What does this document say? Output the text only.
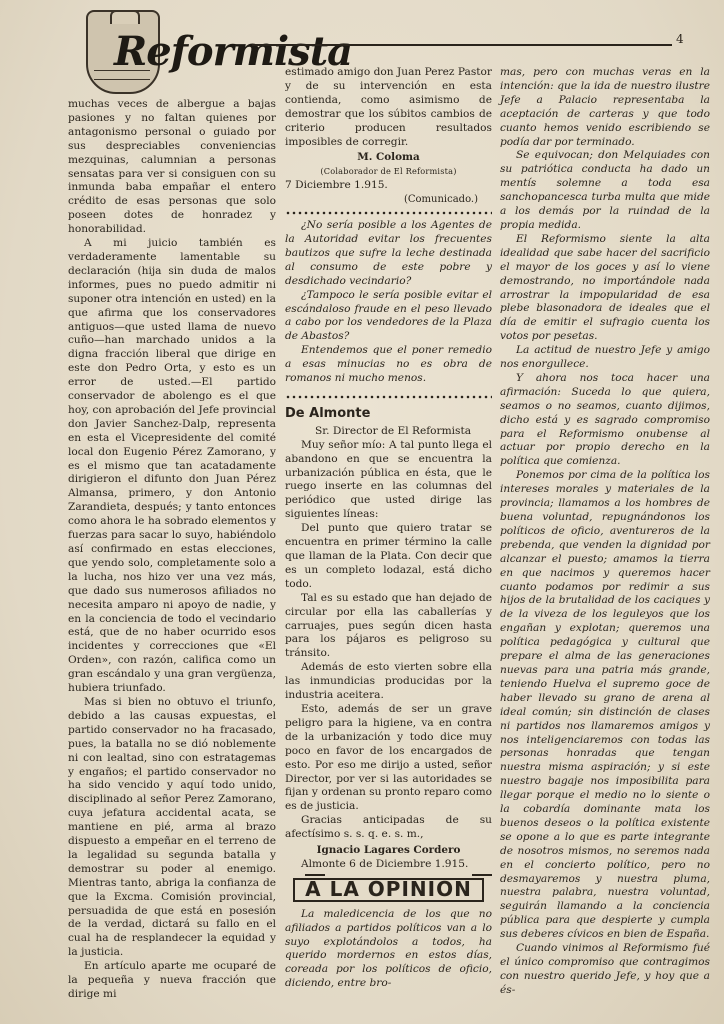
Reformista	4

muchas veces de albergue a bajas pasiones y no faltan quienes por antagonismo personal o guiado por sus despreciables conveniencias mezquinas, calumnian a personas sensatas para ver si consiguen con su inmunda baba empañar el entero crédito de esas personas que solo poseen dotes de honradez y honorabilidad.

A mi juicio también es verdaderamente lamentable su declaración (hija sin duda de malos informes, pues no puedo admitir ni suponer otra intención en usted) en la que afirma que los conservadores antiguos—que usted llama de nuevo cuño—han marchado unidos a la digna fracción liberal que dirige en este don Pedro Orta, y esto es un error de usted.—El partido conservador de abolengo es el que hoy, con aprobación del Jefe provincial don Javier Sanchez-Dalp, representa en esta el Vicepresidente del comité local don Eugenio Pérez Zamorano, y es el mismo que tan acatadamente dirigieron el difunto don Juan Pérez Almansa, primero, y don Antonio Zarandieta, después; y tanto entonces como ahora le ha sobrado elementos y fuerzas para sacar lo suyo, habiéndolo así confirmado en estas elecciones, que yendo solo, completamente solo a la lucha, nos hizo ver una vez más, que dado sus numerosos afiliados no necesita amparo ni apoyo de nadie, y en la conciencia de todo el vecindario está, que de no haber ocurrido esos incidentes y correcciones que «El Orden», con razón, califica como un gran escándalo y una gran vergüenza, hubiera triunfado.

Mas si bien no obtuvo el triunfo, debido a las causas expuestas, el partido conservador no ha fracasado, pues, la batalla no se dió noblemente ni con lealtad, sino con estratagemas y engaños; el partido conservador no ha sido vencido y aquí todo unido, disciplinado al señor Perez Zamorano, cuya jefatura accidental acata, se mantiene en pié, arma al brazo dispuesto a empeñar en el terreno de la legalidad su segunda batalla y demostrar su poder al enemigo. Mientras tanto, abriga la confianza de que la Excma. Comisión provincial, persuadida de que está en posesión de la verdad, dictará su fallo en el cual ha de resplandecer la equidad y la justicia.

En artículo aparte me ocuparé de la pequeña y nueva fracción que dirige mi

estimado amigo don Juan Perez Pastor y de su intervención en esta contienda, como asimismo de demostrar que los súbitos cambios de criterio producen resultados imposibles de corregir.

M. Coloma
(Colaborador de El Reformista)
7 Diciembre 1.915.
(Comunicado.)

¿No sería posible a los Agentes de la Autoridad evitar los frecuentes bautizos que sufre la leche destinada al consumo de este pobre y desdichado vecindario?

¿Tampoco le sería posible evitar el escándaloso fraude en el peso llevado a cabo por los vendedores de la Plaza de Abastos?

Entendemos que el poner remedio a esas minucias no es obra de romanos ni mucho menos.

De Almonte

Sr. Director de El Reformista

Muy señor mío: A tal punto llega el abandono en que se encuentra la urbanización pública en ésta, que le ruego inserte en las columnas del periódico que usted dirige las siguientes líneas:

Del punto que quiero tratar se encuentra en primer término la calle que llaman de la Plata. Con decir que es un completo lodazal, está dicho todo.

Tal es su estado que han dejado de circular por ella las caballerías y carruajes, pues según dicen hasta para los pájaros es peligroso su tránsito.

Además de esto vierten sobre ella las inmundicias producidas por la industria aceitera.

Esto, además de ser un grave peligro para la higiene, va en contra de la urbanización y todo dice muy poco en favor de los encargados de esto. Por eso me dirijo a usted, señor Director, por ver si las autoridades se fijan y ordenan su pronto reparo como es de justicia.

Gracias anticipadas de su afectísimo s. s. q. e. s. m.,

Ignacio Lagares Cordero

Almonte 6 de Diciembre 1.915.

A LA OPINION

La maledicencia de los que no afiliados a partidos políticos van a lo suyo explotándolos a todos, ha querido mordernos en estos días, coreada por los políticos de oficio, diciendo, entre bro-

mas, pero con muchas veras en la intención: que la ida de nuestro ilustre Jefe a Palacio representaba la aceptación de carteras y que todo cuanto hemos venido escribiendo se podía dar por terminado.

Se equivocan; don Melquiades con su patriótica conducta ha dado un mentís solemne a toda esa sanchopancesca turba multa que mide a los demás por la ruindad de la propia medida.

El Reformismo siente la alta idealidad que sabe hacer del sacrificio el mayor de los goces y así lo viene demostrando, no importándole nada arrostrar la impopularidad de esa plebe blasonadora de ideales que el día de emitir el sufragio cuenta los votos por pesetas.

La actitud de nuestro Jefe y amigo nos enorgullece.

Y ahora nos toca hacer una afirmación: Suceda lo que quiera, seamos o no seamos, cuanto dijimos, dicho está y es sagrado compromiso para el Reformismo onubense al actuar por propio derecho en la política que comienza.

Ponemos por cima de la política los intereses morales y materiales de la provincia; llamamos a los hombres de buena voluntad, repugnándonos los políticos de oficio, aventureros de la prebenda, que venden la dignidad por alcanzar el puesto; amamos la tierra en que nacimos y queremos hacer cuanto podamos por redimir a sus hijos de la brutalidad de los caciques y de la viveza de los leguleyos que los engañan y explotan; queremos una política pedagógica y cultural que prepare el alma de las generaciones nuevas para una patria más grande, teniendo Huelva el supremo goce de haber llevado su grano de arena al ideal común; sin distinción de clases ni partidos nos llamaremos amigos y nos inteligenciaremos con todas las personas honradas que tengan nuestra misma aspiración; y si este nuestro bagaje nos imposibilita para llegar porque el medio no lo siente o la cobardía dominante mata los buenos deseos o la política existente se opone a lo que es parte integrante de nosotros mismos, no seremos nada en el concierto político, pero no desmayaremos y nuestra pluma, nuestra palabra, nuestra voluntad, seguirán llamando a la conciencia pública para que despierte y cumpla sus deberes cívicos en bien de España.

Cuando vinimos al Reformismo fué el único compromiso que contragimos con nuestro querido Jefe, y hoy que a és-
